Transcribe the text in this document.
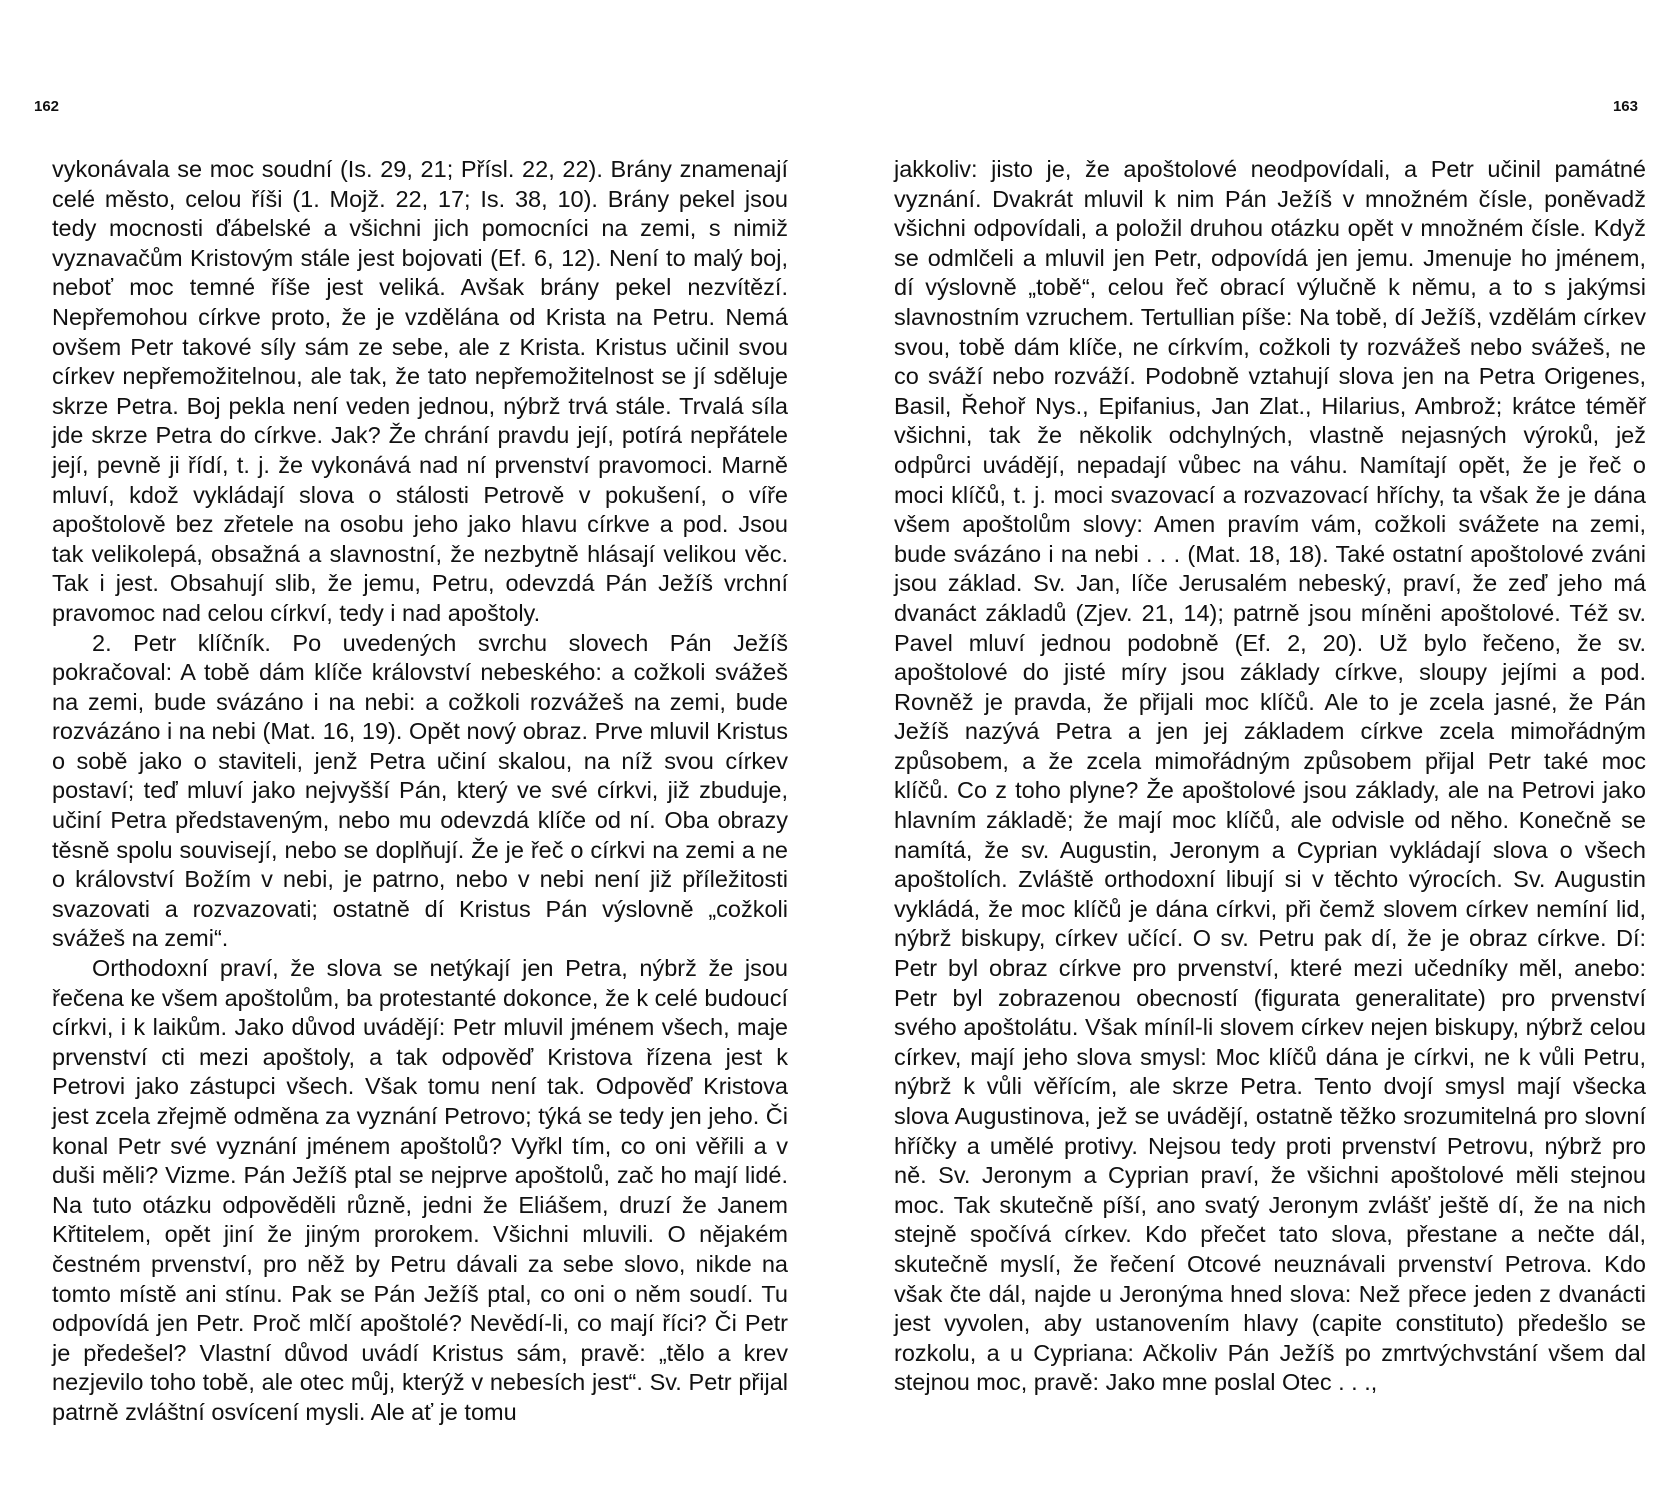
162

vykonávala se moc soudní (Is. 29, 21; Přísl. 22, 22). Brány znamenají celé město, celou říši (1. Mojž. 22, 17; Is. 38, 10). Brány pekel jsou tedy mocnosti ďábelské a všichni jich pomocníci na zemi, s nimiž vyznavačům Kristovým stále jest bojovati (Ef. 6, 12). Není to malý boj, neboť moc temné říše jest veliká. Avšak brány pekel nezvítězí. Nepřemohou církve proto, že je vzdělána od Krista na Petru. Nemá ovšem Petr takové síly sám ze sebe, ale z Krista. Kristus učinil svou církev nepřemožitelnou, ale tak, že tato nepřemožitelnost se jí sděluje skrze Petra. Boj pekla není veden jednou, nýbrž trvá stále. Trvalá síla jde skrze Petra do církve. Jak? Že chrání pravdu její, potírá nepřátele její, pevně ji řídí, t. j. že vykonává nad ní prvenství pravomoci. Marně mluví, kdož vykládají slova o stálosti Petrově v pokušení, o víře apoštolově bez zřetele na osobu jeho jako hlavu církve a pod. Jsou tak velikolepá, obsažná a slavnostní, že nezbytně hlásají velikou věc. Tak i jest. Obsahují slib, že jemu, Petru, odevzdá Pán Ježíš vrchní pravomoc nad celou církví, tedy i nad apoštoly.

2. Petr klíčník. Po uvedených svrchu slovech Pán Ježíš pokračoval: A tobě dám klíče království nebeského: a cožkoli svážeš na zemi, bude svázáno i na nebi: a cožkoli rozvážeš na zemi, bude rozvázáno i na nebi (Mat. 16, 19). Opět nový obraz. Prve mluvil Kristus o sobě jako o staviteli, jenž Petra učiní skalou, na níž svou církev postaví; teď mluví jako nejvyšší Pán, který ve své církvi, již zbuduje, učiní Petra představeným, nebo mu odevzdá klíče od ní. Oba obrazy těsně spolu souvisejí, nebo se doplňují. Že je řeč o církvi na zemi a ne o království Božím v nebi, je patrno, nebo v nebi není již příležitosti svazovati a rozvazovati; ostatně dí Kristus Pán výslovně „cožkoli svážeš na zemi“.

Orthodoxní praví, že slova se netýkají jen Petra, nýbrž že jsou řečena ke všem apoštolům, ba protestanté dokonce, že k celé budoucí církvi, i k laikům. Jako důvod uvádějí: Petr mluvil jménem všech, maje prvenství cti mezi apoštoly, a tak odpověď Kristova řízena jest k Petrovi jako zástupci všech. Však tomu není tak. Odpověď Kristova jest zcela zřejmě odměna za vyznání Petrovo; týká se tedy jen jeho. Či konal Petr své vyznání jménem apoštolů? Vyřkl tím, co oni věřili a v duši měli? Vizme. Pán Ježíš ptal se nejprve apoštolů, zač ho mají lidé. Na tuto otázku odpověděli různě, jedni že Eliášem, druzí že Janem Křtitelem, opět jiní že jiným prorokem. Všichni mluvili. O nějakém čestném prvenství, pro něž by Petru dávali za sebe slovo, nikde na tomto místě ani stínu. Pak se Pán Ježíš ptal, co oni o něm soudí. Tu odpovídá jen Petr. Proč mlčí apoštolé? Nevědí-li, co mají říci? Či Petr je předešel? Vlastní důvod uvádí Kristus sám, pravě: „tělo a krev nezjevilo toho tobě, ale otec můj, kterýž v nebesích jest“. Sv. Petr přijal patrně zvláštní osvícení mysli. Ale ať je tomu

163

jakkoliv: jisto je, že apoštolové neodpovídali, a Petr učinil památné vyznání. Dvakrát mluvil k nim Pán Ježíš v množném čísle, poněvadž všichni odpovídali, a položil druhou otázku opět v množném čísle. Když se odmlčeli a mluvil jen Petr, odpovídá jen jemu. Jmenuje ho jménem, dí výslovně „tobě“, celou řeč obrací výlučně k němu, a to s jakýmsi slavnostním vzruchem. Tertullian píše: Na tobě, dí Ježíš, vzdělám církev svou, tobě dám klíče, ne církvím, cožkoli ty rozvážeš nebo svážeš, ne co sváží nebo rozváží. Podobně vztahují slova jen na Petra Origenes, Basil, Řehoř Nys., Epifanius, Jan Zlat., Hilarius, Ambrož; krátce téměř všichni, tak že několik odchylných, vlastně nejasných výroků, jež odpůrci uvádějí, nepadají vůbec na váhu. Namítají opět, že je řeč o moci klíčů, t. j. moci svazovací a rozvazovací hříchy, ta však že je dána všem apoštolům slovy: Amen pravím vám, cožkoli svážete na zemi, bude svázáno i na nebi . . . (Mat. 18, 18). Také ostatní apoštolové zváni jsou základ. Sv. Jan, líče Jerusalém nebeský, praví, že zeď jeho má dvanáct základů (Zjev. 21, 14); patrně jsou míněni apoštolové. Též sv. Pavel mluví jednou podobně (Ef. 2, 20). Už bylo řečeno, že sv. apoštolové do jisté míry jsou základy církve, sloupy jejími a pod. Rovněž je pravda, že přijali moc klíčů. Ale to je zcela jasné, že Pán Ježíš nazývá Petra a jen jej základem církve zcela mimořádným způsobem, a že zcela mimořádným způsobem přijal Petr také moc klíčů. Co z toho plyne? Že apoštolové jsou základy, ale na Petrovi jako hlavním základě; že mají moc klíčů, ale odvisle od něho. Konečně se namítá, že sv. Augustin, Jeronym a Cyprian vykládají slova o všech apoštolích. Zvláště orthodoxní libují si v těchto výrocích. Sv. Augustin vykládá, že moc klíčů je dána církvi, při čemž slovem církev nemíní lid, nýbrž biskupy, církev učící. O sv. Petru pak dí, že je obraz církve. Dí: Petr byl obraz církve pro prvenství, které mezi učedníky měl, anebo: Petr byl zobrazenou obecností (figurata generalitate) pro prvenství svého apoštolátu. Však míníl-li slovem církev nejen biskupy, nýbrž celou církev, mají jeho slova smysl: Moc klíčů dána je církvi, ne k vůli Petru, nýbrž k vůli věřícím, ale skrze Petra. Tento dvojí smysl mají všecka slova Augustinova, jež se uvádějí, ostatně těžko srozumitelná pro slovní hříčky a umělé protivy. Nejsou tedy proti prvenství Petrovu, nýbrž pro ně. Sv. Jeronym a Cyprian praví, že všichni apoštolové měli stejnou moc. Tak skutečně píší, ano svatý Jeronym zvlášť ještě dí, že na nich stejně spočívá církev. Kdo přečet tato slova, přestane a nečte dál, skutečně myslí, že řečení Otcové neuznávali prvenství Petrova. Kdo však čte dál, najde u Jeronýma hned slova: Než přece jeden z dvanácti jest vyvolen, aby ustanovením hlavy (capite constituto) předešlo se rozkolu, a u Cypriana: Ačkoliv Pán Ježíš po zmrtvýchvstání všem dal stejnou moc, pravě: Jako mne poslal Otec . . .,
